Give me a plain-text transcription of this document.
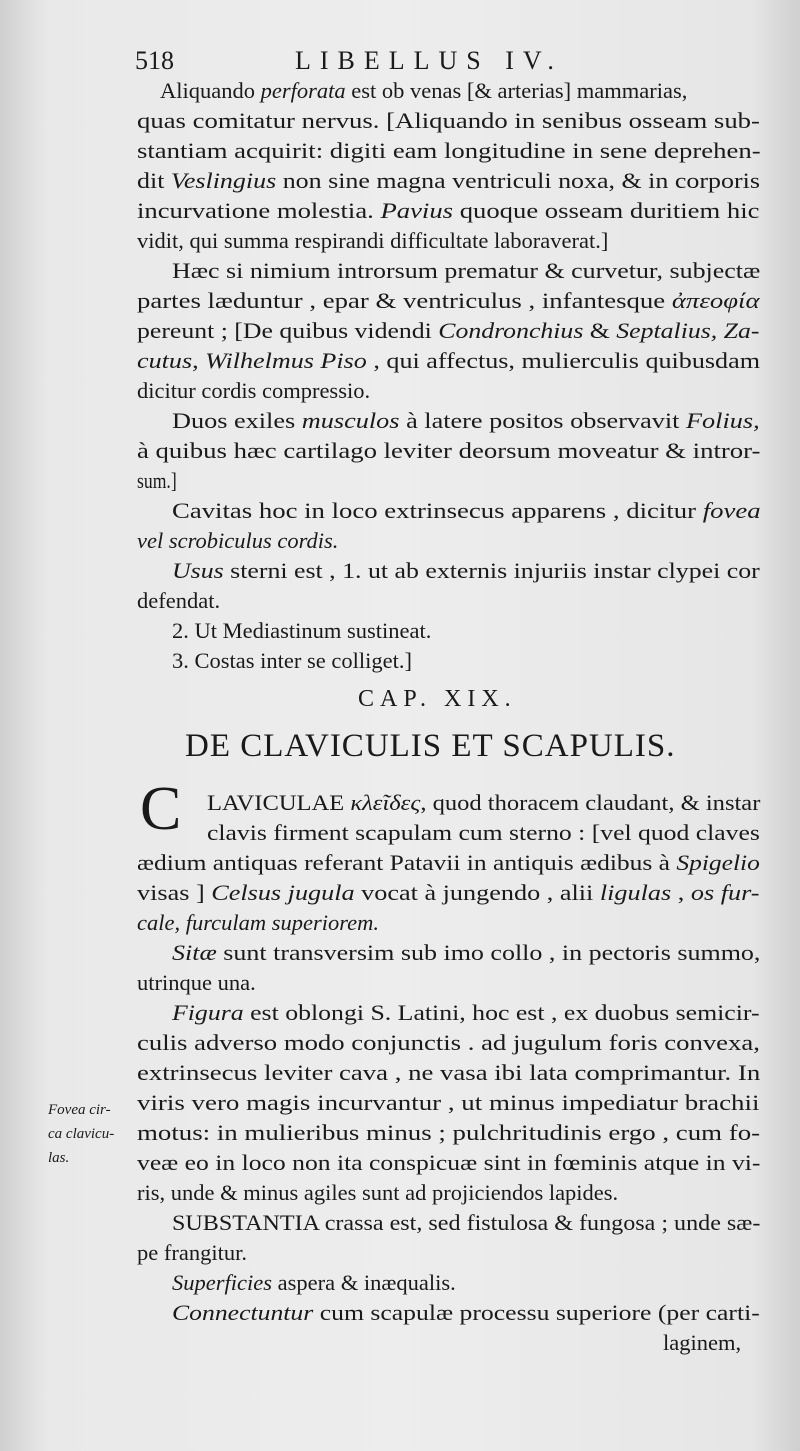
518	LIBELLUS IV.
Aliquando perforata est ob venas [& arterias] mammarias,
quas comitatur nervus. [Aliquando in senibus osseam sub-
stantiam acquirit: digiti eam longitudine in sene deprehen-
dit Veslingius non sine magna ventriculi noxa, & in corporis
incurvatione molestia. Pavius quoque osseam duritiem hic
vidit, qui summa respirandi difficultate laboraverat.]
Hæc si nimium introrsum prematur & curvetur, subjectæ
partes læduntur , epar & ventriculus , infantesque ἀπεοφία
pereunt ; [De quibus videndi Condronchius & Septalius, Za-
cutus, Wilhelmus Piso , qui affectus, mulierculis quibusdam
dicitur cordis compressio.
Duos exiles musculos à latere positos observavit Folius,
à quibus hæc cartilago leviter deorsum moveatur & intror-
sum.]
Cavitas hoc in loco extrinsecus apparens , dicitur fovea
vel scrobiculus cordis.
Usus sterni est , 1. ut ab externis injuriis instar clypei cor
defendat.
2. Ut Mediastinum sustineat.
3. Costas inter se colliget.]
LAVICULAE κλεῖδες, quod thoracem claudant, & instar
clavis firment scapulam cum sterno : [vel quod claves
ædium antiquas referant Patavii in antiquis ædibus à Spigelio
visas ] Celsus jugula vocat à jungendo , alii ligulas , os fur-
cale, furculam superiorem.
Sitæ sunt transversim sub imo collo , in pectoris summo,
utrinque una.
Figura est oblongi S. Latini, hoc est , ex duobus semicir-
culis adverso modo conjunctis . ad jugulum foris convexa,
extrinsecus leviter cava , ne vasa ibi lata comprimantur. In
viris vero magis incurvantur , ut minus impediatur brachii
motus: in mulieribus minus ; pulchritudinis ergo , cum fo-
veæ eo in loco non ita conspicuæ sint in fœminis atque in vi-
ris, unde & minus agiles sunt ad projiciendos lapides.
SUBSTANTIA crassa est, sed fistulosa & fungosa ; unde sæ-
pe frangitur.
Superficies aspera & inæqualis.
Connectuntur cum scapulæ processu superiore (per carti-
laginem,
CAP. XIX.
DE CLAVICULIS ET SCAPULIS.
C
Fovea cir-
ca clavicu-
las.
